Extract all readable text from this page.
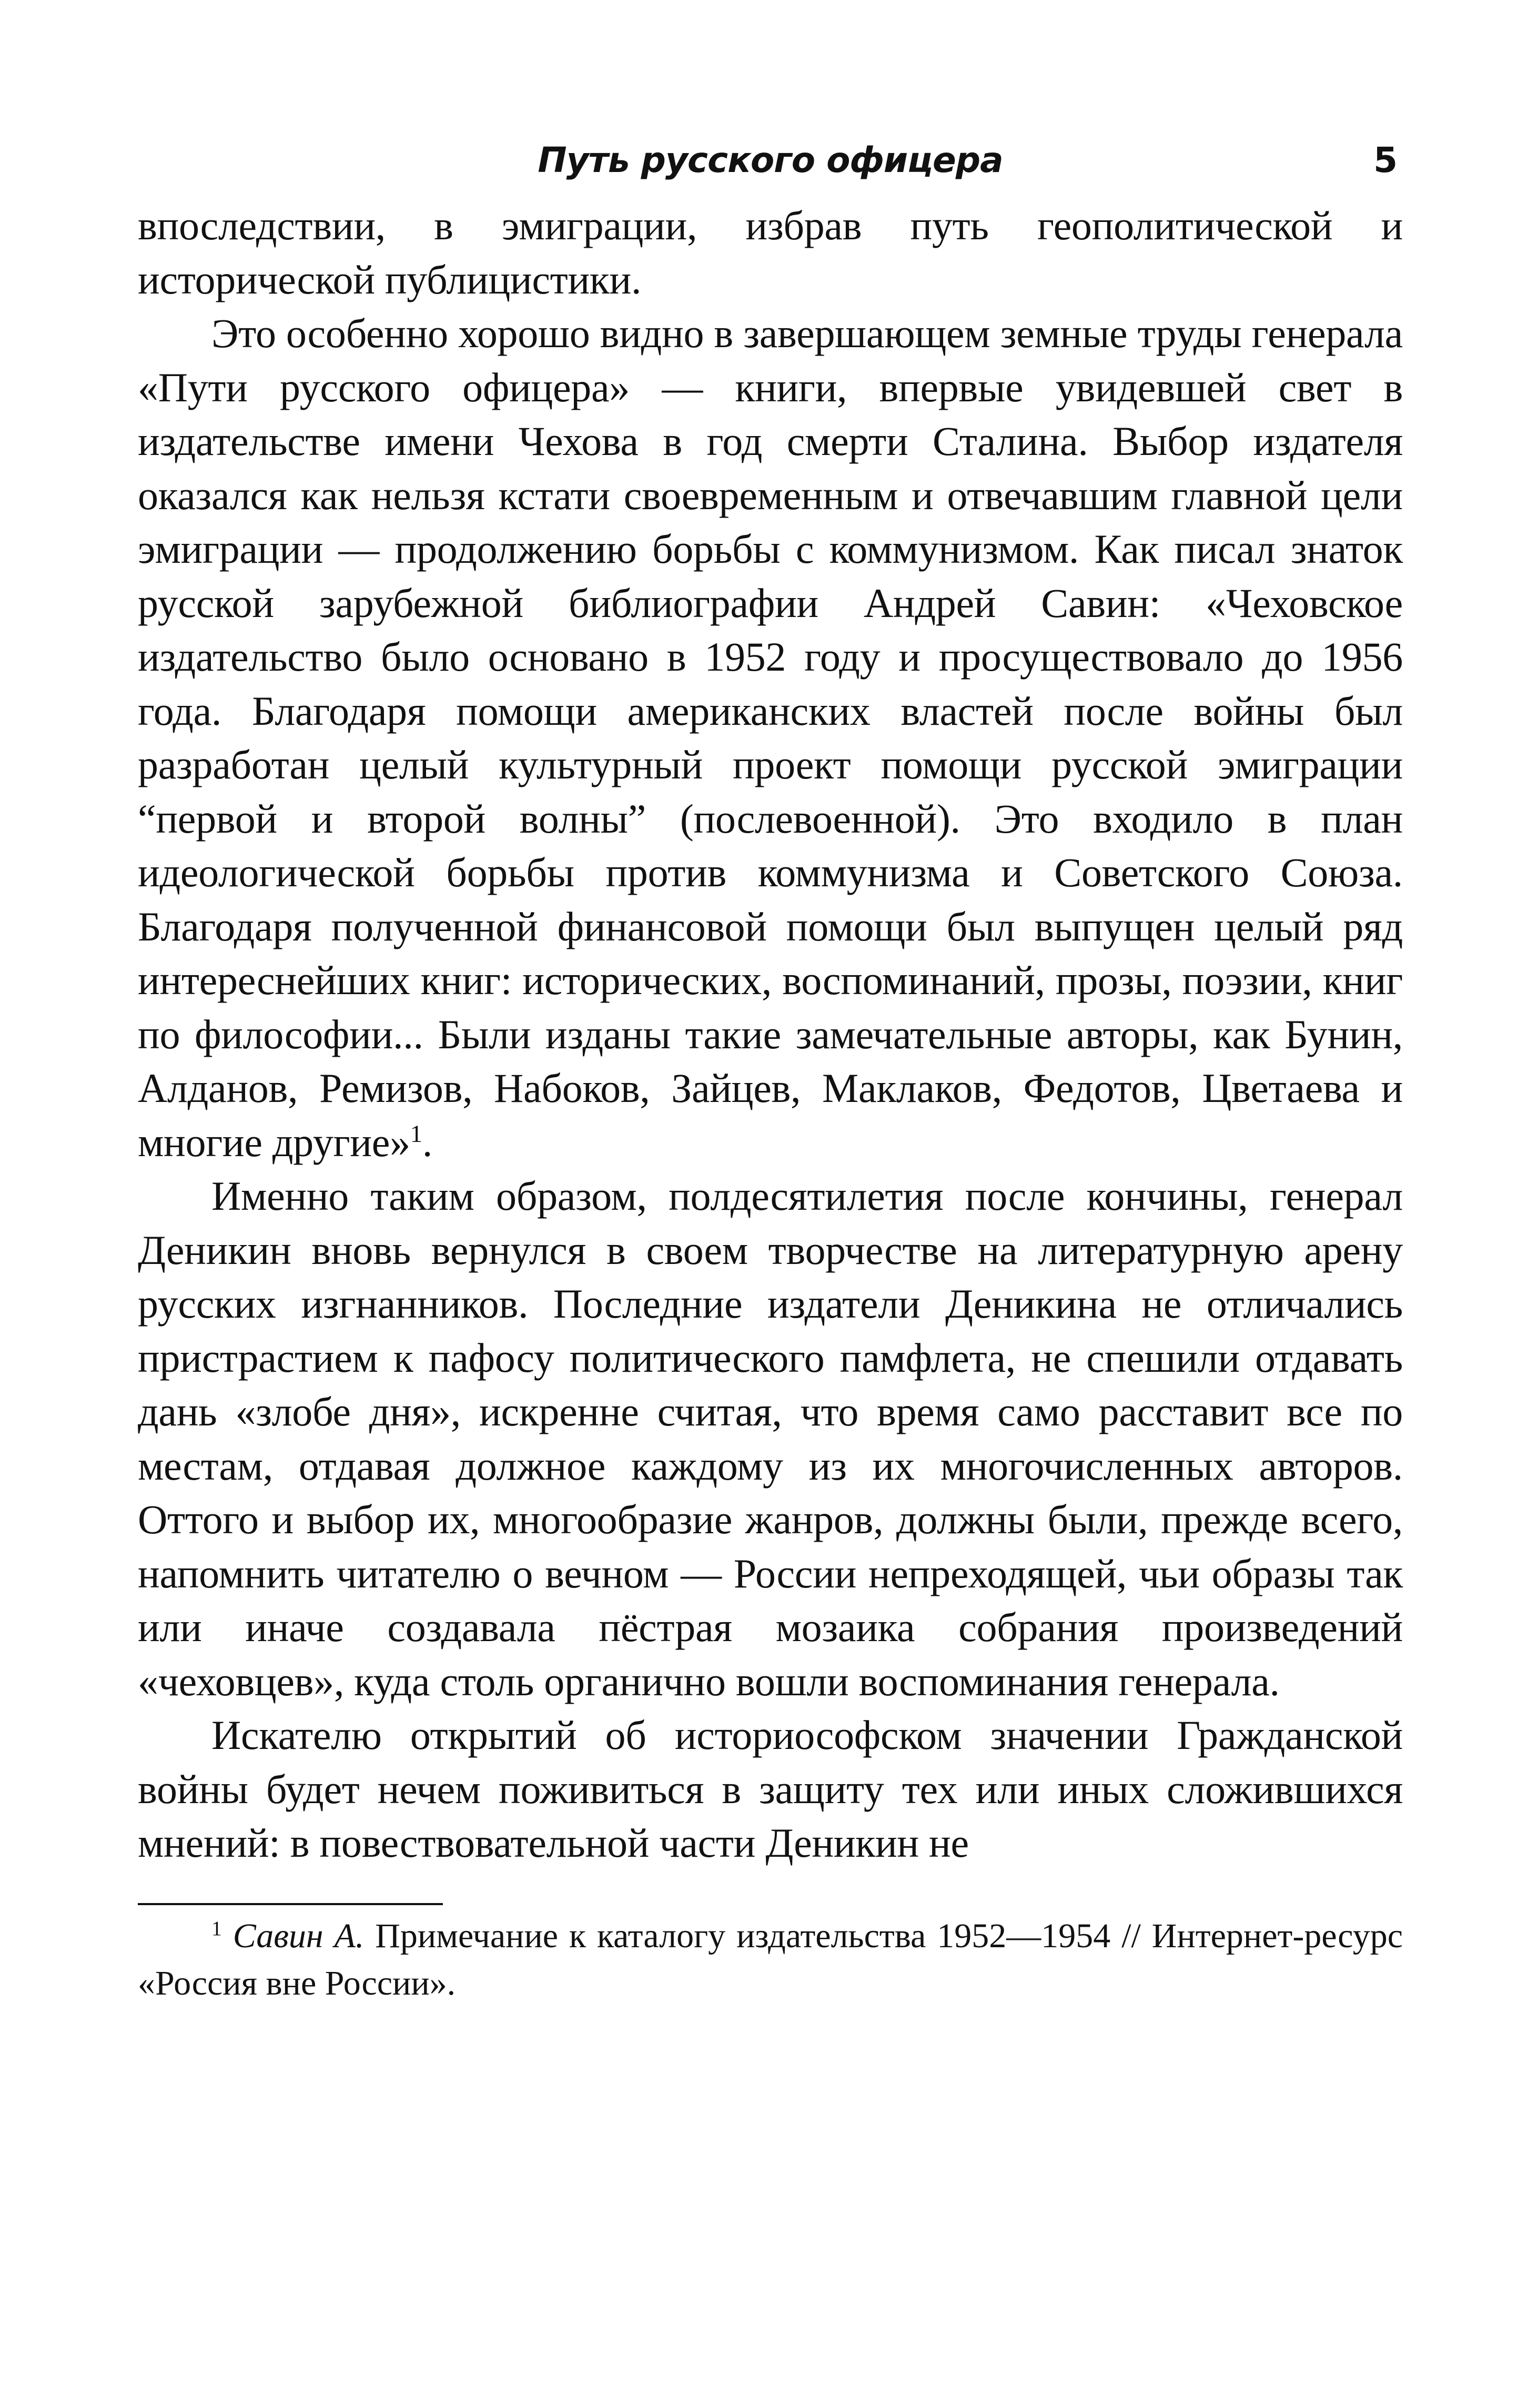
Путь русского офицера	5

впоследствии, в эмиграции, избрав путь геополитической и исторической публицистики.

Это особенно хорошо видно в завершающем земные труды генерала «Пути русского офицера» — книги, впервые увидевшей свет в издательстве имени Чехова в год смерти Сталина. Выбор издателя оказался как нельзя кстати своевременным и отвечавшим главной цели эмиграции — продолжению борьбы с коммунизмом. Как писал знаток русской зарубежной библиографии Андрей Савин: «Чеховское издательство было основано в 1952 году и просуществовало до 1956 года. Благодаря помощи американских властей после войны был разработан целый культурный проект помощи русской эмиграции “первой и второй волны” (послевоенной). Это входило в план идеологической борьбы против коммунизма и Советского Союза. Благодаря полученной финансовой помощи был выпущен целый ряд интереснейших книг: исторических, воспоминаний, прозы, поэзии, книг по философии... Были изданы такие замечательные авторы, как Бунин, Алданов, Ремизов, Набоков, Зайцев, Маклаков, Федотов, Цветаева и многие другие»$^1$.

Именно таким образом, полдесятилетия после кончины, генерал Деникин вновь вернулся в своем творчестве на литературную арену русских изгнанников. Последние издатели Деникина не отличались пристрастием к пафосу политического памфлета, не спешили отдавать дань «злобе дня», искренне считая, что время само расставит все по местам, отдавая должное каждому из их многочисленных авторов. Оттого и выбор их, многообразие жанров, должны были, прежде всего, напомнить читателю о вечном — России непреходящей, чьи образы так или иначе создавала пёстрая мозаика собрания произведений «чеховцев», куда столь органично вошли воспоминания генерала.

Искателю открытий об историософском значении Гражданской войны будет нечем поживиться в защиту тех или иных сложившихся мнений: в повествовательной части Деникин не

$^1$ Савин А. Примечание к каталогу издательства 1952—1954 // Интернет-ресурс «Россия вне России».
